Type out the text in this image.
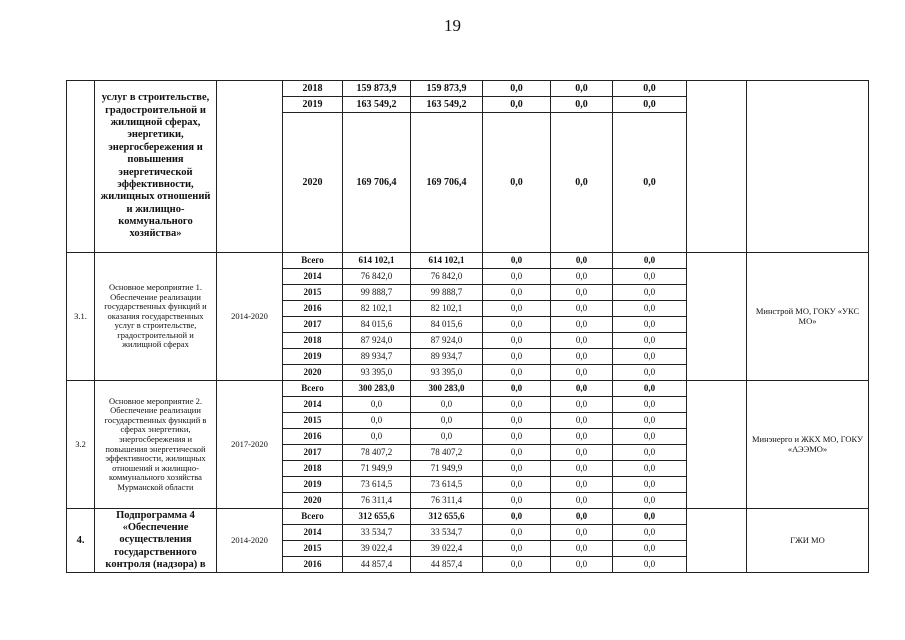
19
	услуг в строительстве, градостроительной и жилищной сферах, энергетики, энергосбережения и повышения энергетической эффективности, жилищных отношений и жилищно-коммунального хозяйства»		2018	159 873,9	159 873,9	0,0	0,0	0,0		
			2019	163 549,2	163 549,2	0,0	0,0	0,0		
			2020	169 706,4	169 706,4	0,0	0,0	0,0		
3.1.	Основное мероприятие 1. Обеспечение реализации государственных функций и оказания государственных услуг в строительстве, градостроительной и жилищной сферах	2014-2020	Всего	614 102,1	614 102,1	0,0	0,0	0,0		Минстрой МО, ГОКУ «УКС МО»
			2014	76 842,0	76 842,0	0,0	0,0	0,0		
			2015	99 888,7	99 888,7	0,0	0,0	0,0		
			2016	82 102,1	82 102,1	0,0	0,0	0,0		
			2017	84 015,6	84 015,6	0,0	0,0	0,0		
			2018	87 924,0	87 924,0	0,0	0,0	0,0		
			2019	89 934,7	89 934,7	0,0	0,0	0,0		
			2020	93 395,0	93 395,0	0,0	0,0	0,0		
3.2	Основное мероприятие 2. Обеспечение реализации государственных функций в сферах энергетики, энергосбережения и повышения энергетической эффективности, жилищных отношений и жилищно-коммунального хозяйства Мурманской области	2017-2020	Всего	300 283,0	300 283,0	0,0	0,0	0,0		Минэнерго и ЖКХ МО, ГОКУ «АЭЭМО»
			2014	0,0	0,0	0,0	0,0	0,0		
			2015	0,0	0,0	0,0	0,0	0,0		
			2016	0,0	0,0	0,0	0,0	0,0		
			2017	78 407,2	78 407,2	0,0	0,0	0,0		
			2018	71 949,9	71 949,9	0,0	0,0	0,0		
			2019	73 614,5	73 614,5	0,0	0,0	0,0		
			2020	76 311,4	76 311,4	0,0	0,0	0,0		
4.	Подпрограмма 4 «Обеспечение осуществления государственного контроля (надзора) в	2014-2020	Всего	312 655,6	312 655,6	0,0	0,0	0,0		ГЖИ МО
			2014	33 534,7	33 534,7	0,0	0,0	0,0		
			2015	39 022,4	39 022,4	0,0	0,0	0,0		
			2016	44 857,4	44 857,4	0,0	0,0	0,0		
